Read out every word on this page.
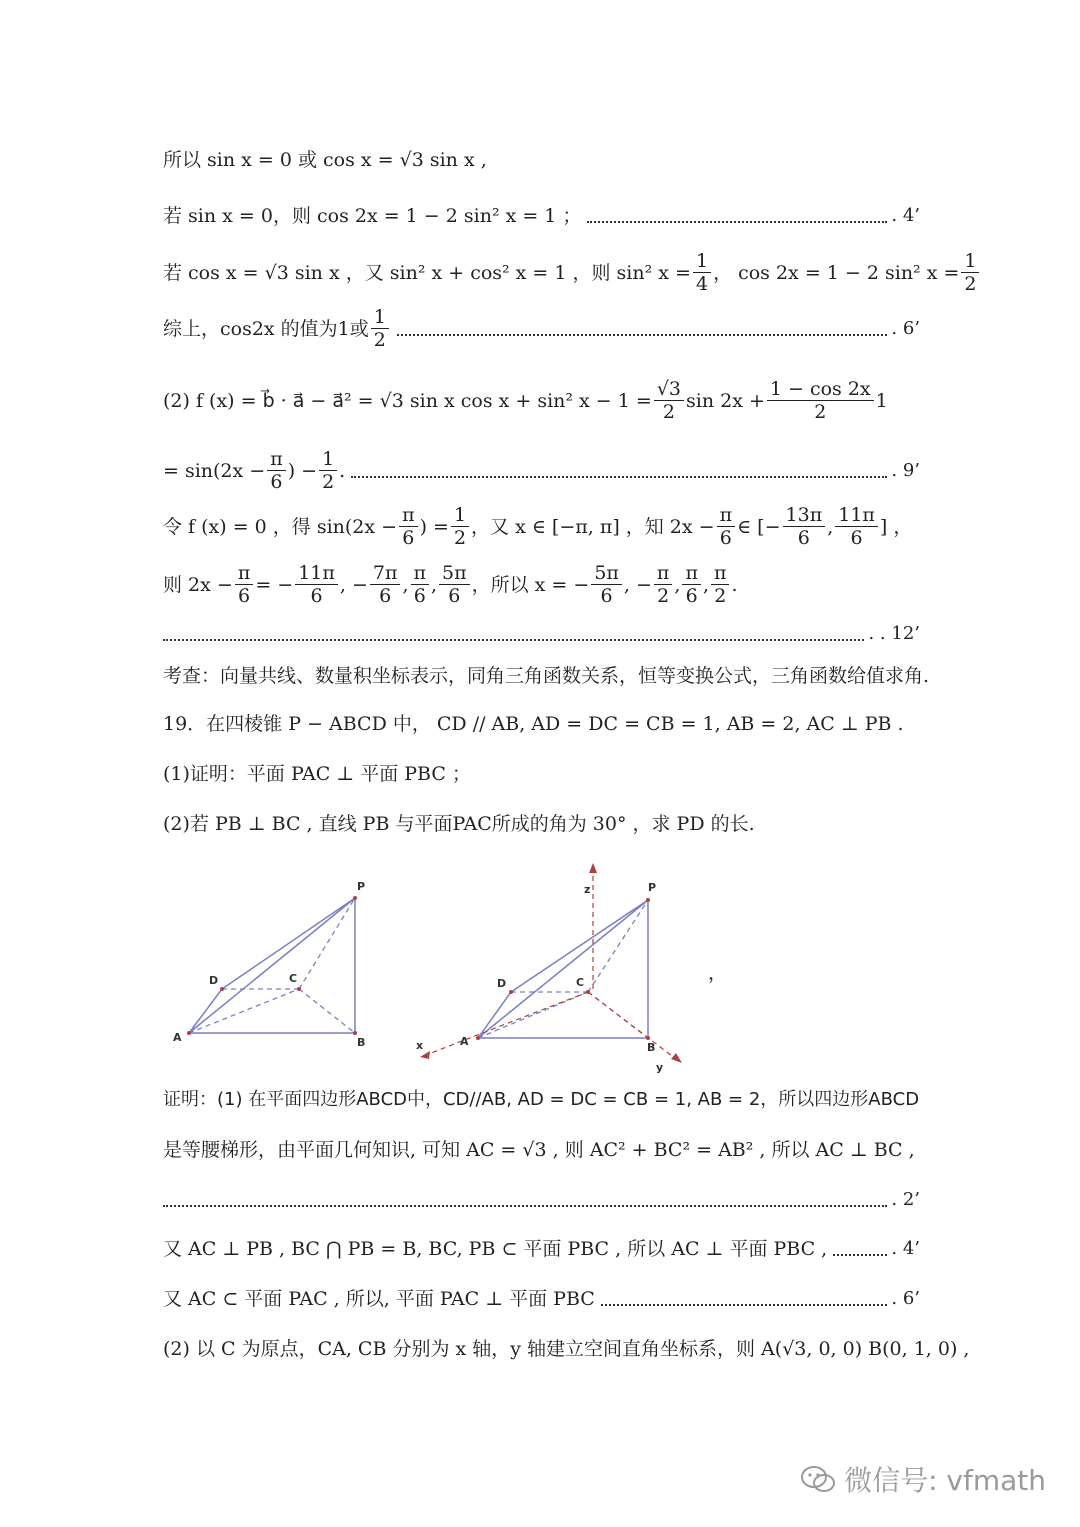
所以 sin x = 0 或 cos x = √3 sin x ,
若 sin x = 0，则 cos 2x = 1 − 2 sin² x = 1 ；	. 4’
若 cos x = √3 sin x ，又 sin² x + cos² x = 1 ，则 sin² $x = \frac{1}{4}$ ， cos 2x = 1 − 2 sin² $x = \frac{1}{2}$
综上，cos2x 的值为1或 $\frac{1}{2}$	. 6’
(2) f (x) = b⃗ · a⃗ − a⃗² = √3 sin x cos x + sin² $x - 1 = \frac{√3}{2}$ $\sin 2x + \frac{1 - \cos 2x}{2} 1$
= $\sin(2x - \frac{\pi}{6}$ ) − $\frac{1}{2}$ .	. 9’
令 f (x) = 0 ，得 $\sin(2x - \frac{\pi}{6}$ ) = $\frac{1}{2}$ ，又 x ∈ [−π, π] ，知 $2x - \frac{\pi}{6}$ ∈ [− $\frac{13\pi}{6}$ , $\frac{11\pi}{6}$ ] ，
则 $2x - \frac{\pi}{6}$ = − $\frac{11\pi}{6}$ , − $\frac{7\pi}{6}$ , $\frac{\pi}{6}$ , $\frac{5\pi}{6}$ ，所以 x = − $\frac{5\pi}{6}$ , − $\frac{\pi}{2}$ , $\frac{\pi}{6}$ , $\frac{\pi}{2}$ .
. . 12’
考查：向量共线、数量积坐标表示，同角三角函数关系，恒等变换公式，三角函数给值求角.
19．在四棱锥 P − ABCD 中， CD // AB, AD = DC = CB = 1, AB = 2, AC ⊥ PB .
(1)证明：平面 PAC ⊥ 平面 PBC ；
(2)若 PB ⊥ BC , 直线 PB 与平面PAC所成的角为 30° ，求 PD 的长.
P
D	C
A	B
z	P
D	C
A	B
x
y
，
证明：(1) 在平面四边形ABCD中，CD//AB, AD = DC = CB = 1, AB = 2，所以四边形ABCD
是等腰梯形，由平面几何知识, 可知 AC = √3 , 则 AC² + BC² = AB² , 所以 AC ⊥ BC ,
. 2’
又 AC ⊥ PB , BC ⋂ PB = B, BC, PB ⊂ 平面 PBC , 所以 AC ⊥ 平面 PBC ,	. 4’
又 AC ⊂ 平面 PAC , 所以, 平面 PAC ⊥ 平面 PBC	. 6’
(2) 以 C 为原点，CA, CB 分别为 x 轴，y 轴建立空间直角坐标系，则 A(√3, 0, 0) B(0, 1, 0) ,
微信号: vfmath
